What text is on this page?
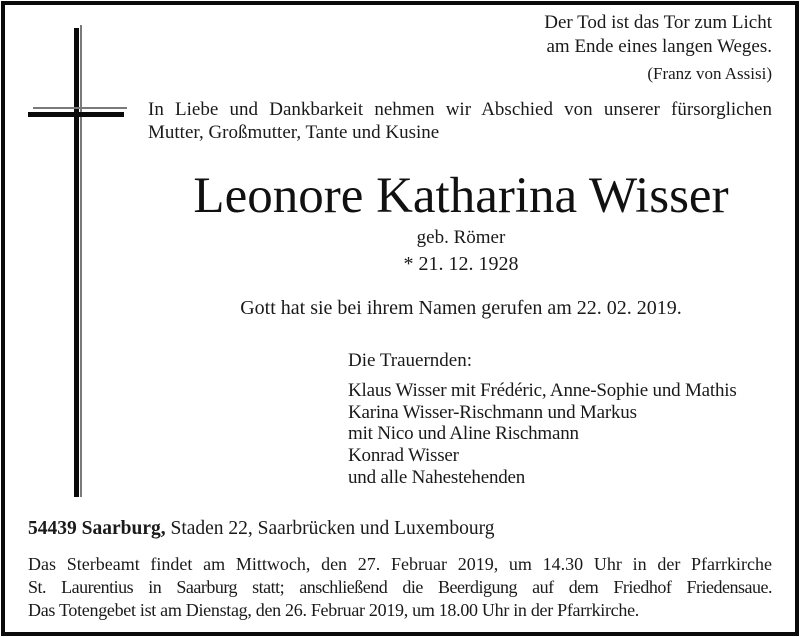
Der Tod ist das Tor zum Licht
am Ende eines langen Weges.
(Franz von Assisi)
In Liebe und Dankbarkeit nehmen wir Abschied von unserer fürsorglichen
Mutter, Großmutter, Tante und Kusine
Leonore Katharina Wisser
geb. Römer
* 21. 12. 1928
Gott hat sie bei ihrem Namen gerufen am 22. 02. 2019.
Die Trauernden:
Klaus Wisser mit Frédéric, Anne-Sophie und Mathis
Karina Wisser-Rischmann und Markus
mit Nico und Aline Rischmann
Konrad Wisser
und alle Nahestehenden
54439 Saarburg, Staden 22, Saarbrücken und Luxembourg
Das Sterbeamt findet am Mittwoch, den 27. Februar 2019, um 14.30 Uhr in der Pfarrkirche
St. Laurentius in Saarburg statt; anschließend die Beerdigung auf dem Friedhof Friedensaue.
Das Totengebet ist am Dienstag, den 26. Februar 2019, um 18.00 Uhr in der Pfarrkirche.
